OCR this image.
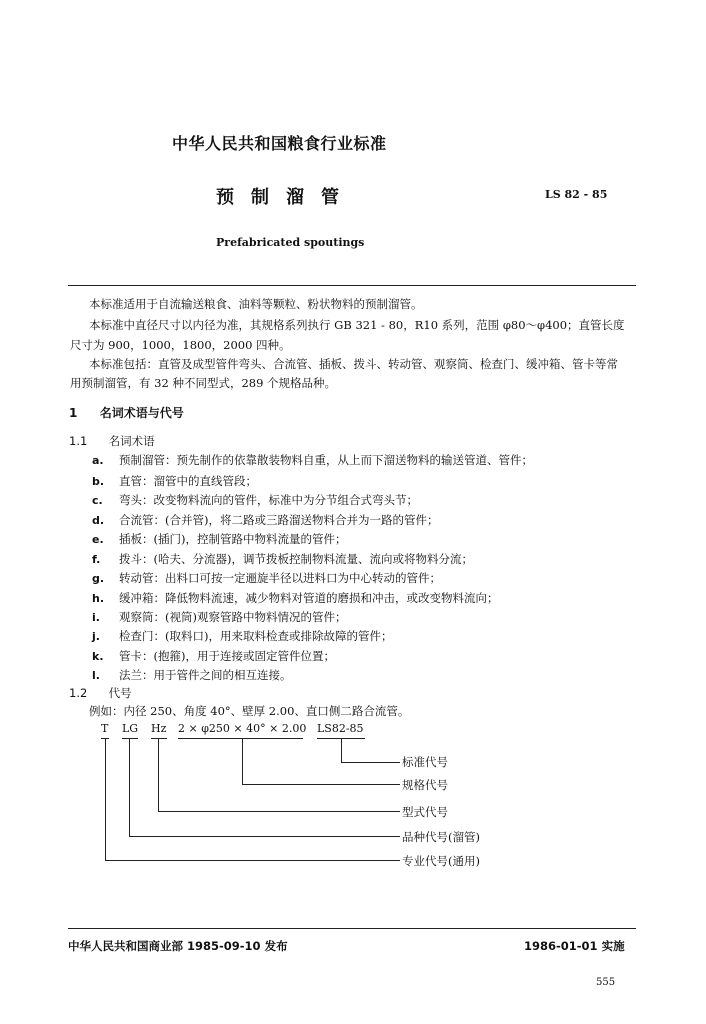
中华人民共和国粮食行业标准
预制溜管	LS 82 - 85
Prefabricated spoutings
本标准适用于自流输送粮食、油料等颗粒、粉状物料的预制溜管。
本标准中直径尺寸以内径为准，其规格系列执行 GB 321 - 80，R10 系列，范围 φ80～φ400；直管长度
尺寸为 900，1000，1800，2000 四种。
本标准包括：直管及成型管件弯头、合流管、插板、拨斗、转动管、观察筒、检查门、缓冲箱、管卡等常
用预制溜管，有 32 种不同型式，289 个规格品种。
1 名词术语与代号
1.1 名词术语
a. 预制溜管：预先制作的依靠散装物料自重，从上而下溜送物料的输送管道、管件；
b. 直管：溜管中的直线管段；
c. 弯头：改变物料流向的管件，标准中为分节组合式弯头节；
d. 合流管：(合并管)，将二路或三路溜送物料合并为一路的管件；
e. 插板：(插门)，控制管路中物料流量的管件；
f. 拨斗：(哈夫、分流器)，调节拨板控制物料流量、流向或将物料分流；
g. 转动管：出料口可按一定逦旋半径以进料口为中心转动的管件；
h. 缓冲箱：降低物料流速，减少物料对管道的磨损和冲击，或改变物料流向；
i. 观察筒：(视筒)观察管路中物料情况的管件；
j. 检查门：(取料口)，用来取料检查或排除故障的管件；
k. 管卡：(抱箍)，用于连接或固定管件位置；
l. 法兰：用于管件之间的相互连接。
1.2 代号
例如：内径 250、角度 40°、壁厚 2.00、直口侧二路合流管。
T LG Hz 2 × φ250 × 40° × 2.00 LS82-85
标准代号
规格代号
型式代号
品种代号(溜管)
专业代号(通用)
中华人民共和国商业部 1985-09-10 发布	1986-01-01 实施
555
